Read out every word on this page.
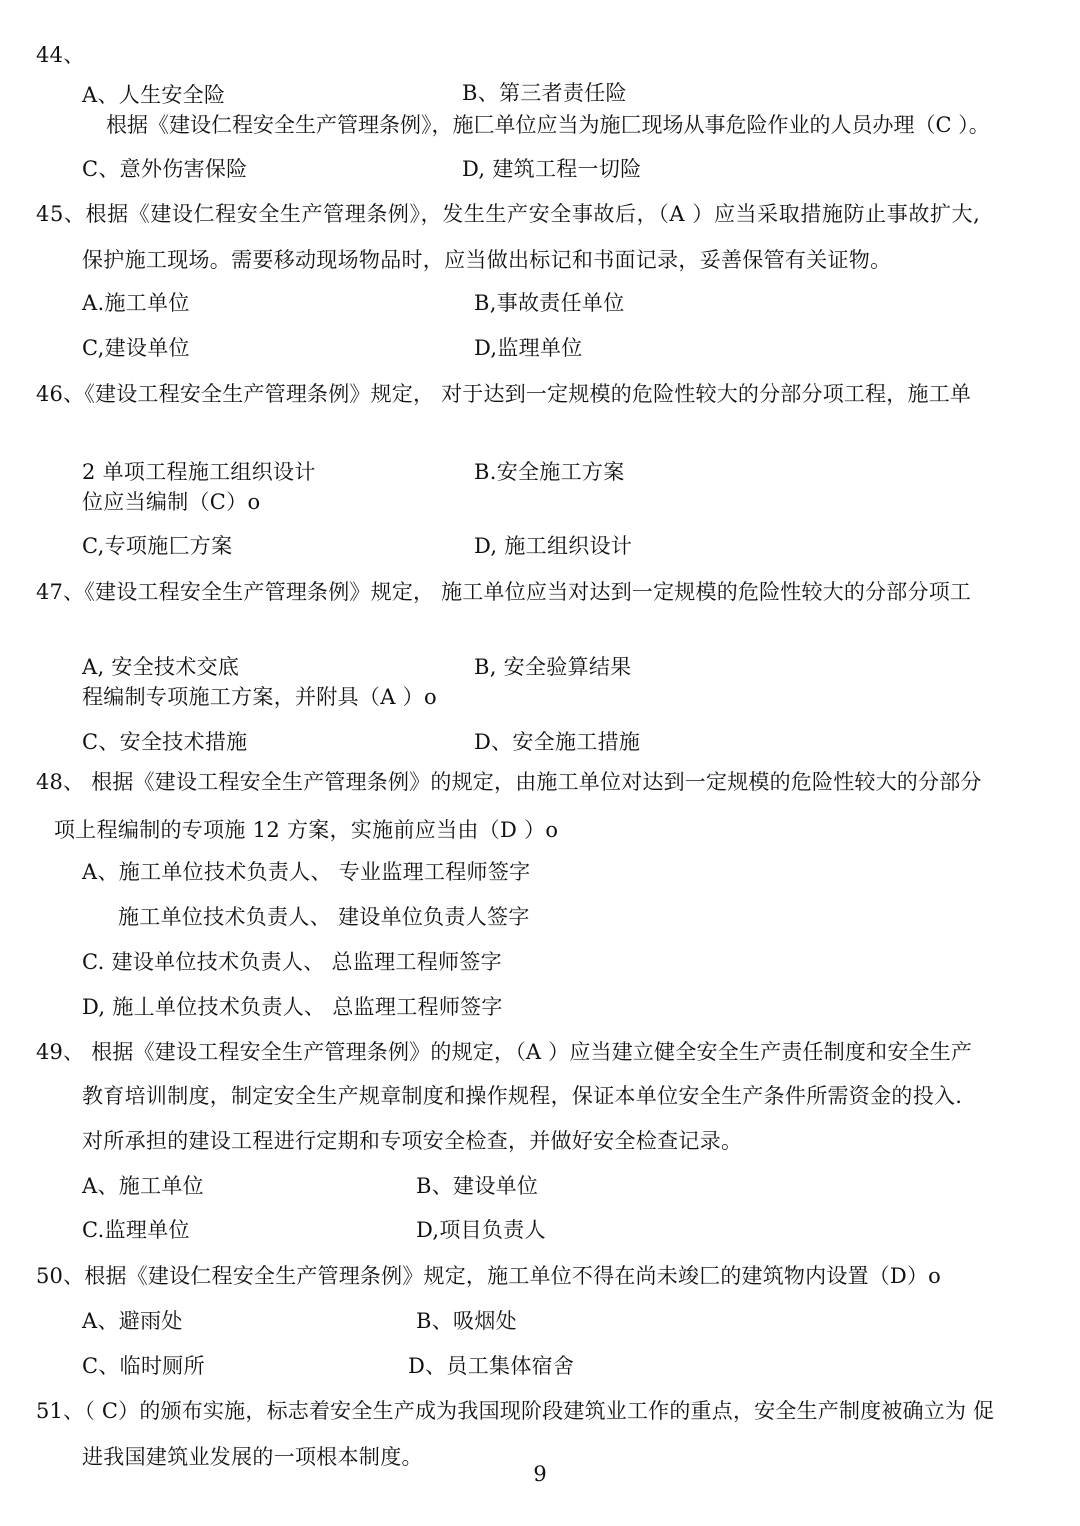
44、
A、人生安全险	B、第三者责任险
根据《建设仁程安全生产管理条例》，施匚单位应当为施匚现场从事危险作业的人员办理（C ）。
C、意外伤害保险	D, 建筑工程一切险
45、根据《建设仁程安全生产管理条例》，发生生产安全事故后，（A ）应当采取措施防止事故扩大,
保护施工现场。需要移动现场物品时，应当做出标记和书面记录，妥善保管有关证物。
A.施工单位	B,事故责任单位
C,建设单位	D,监理单位
46、《建设工程安全生产管理条例》规定， 对于达到一定规模的危险性较大的分部分项工程，施工单
2 单项工程施工组织设计	B.安全施工方案
位应当编制（C）o
C,专项施匚方案	D, 施工组织设计
47、《建设工程安全生产管理条例》规定， 施工单位应当对达到一定规模的危险性较大的分部分项工
A, 安全技术交底	B, 安全验算结果
程编制专项施工方案，并附具（A ）o
C、安全技术措施	D、安全施工措施
48、 根据《建设工程安全生产管理条例》的规定，由施工单位对达到一定规模的危险性较大的分部分
项上程编制的专项施 12 方案，实施前应当由（D ）o
A、施工单位技术负责人、 专业监理工程师签字
施工单位技术负责人、 建设单位负责人签字
C. 建设单位技术负责人、 总监理工程师签字
D, 施丄单位技术负责人、 总监理工程师签字
49、 根据《建设工程安全生产管理条例》的规定，（A ）应当建立健全安全生产责任制度和安全生产
教育培训制度，制定安全生产规章制度和操作规程，保证本单位安全生产条件所需资金的投入.
对所承担的建设工程进行定期和专项安全检查，并做好安全检查记录。
A、施工单位	B、建设单位
C.监理单位	D,项目负责人
50、根据《建设仁程安全生产管理条例》规定，施工单位不得在尚未竣匚的建筑物内设置（D）o
A、避雨处	B、吸烟处
C、临时厕所	D、员工集体宿舍
51、（ C）的颁布实施，标志着安全生产成为我国现阶段建筑业工作的重点，安全生产制度被确立为 促
进我国建筑业发展的一项根本制度。
9
